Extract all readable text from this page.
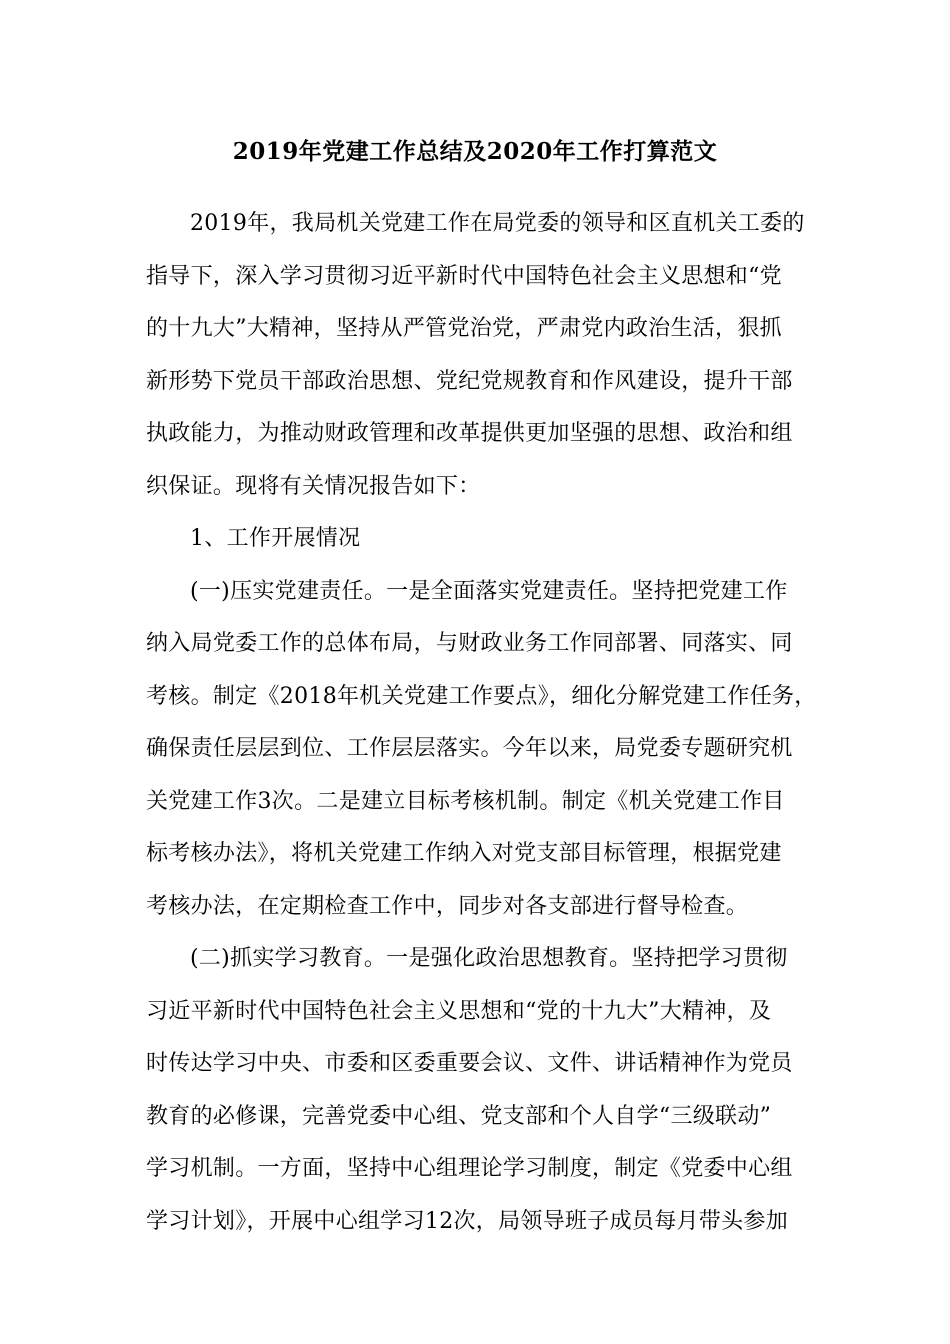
2019年党建工作总结及2020年工作打算范文
2019年，我局机关党建工作在局党委的领导和区直机关工委的
指导下，深入学习贯彻习近平新时代中国特色社会主义思想和“党
的十九大”大精神，坚持从严管党治党，严肃党内政治生活，狠抓
新形势下党员干部政治思想、党纪党规教育和作风建设，提升干部
执政能力，为推动财政管理和改革提供更加坚强的思想、政治和组
织保证。现将有关情况报告如下：
1、工作开展情况
(一)压实党建责任。一是全面落实党建责任。坚持把党建工作
纳入局党委工作的总体布局，与财政业务工作同部署、同落实、同
考核。制定《2018年机关党建工作要点》，细化分解党建工作任务，
确保责任层层到位、工作层层落实。今年以来，局党委专题研究机
关党建工作3次。二是建立目标考核机制。制定《机关党建工作目
标考核办法》，将机关党建工作纳入对党支部目标管理，根据党建
考核办法，在定期检查工作中，同步对各支部进行督导检查。
(二)抓实学习教育。一是强化政治思想教育。坚持把学习贯彻
习近平新时代中国特色社会主义思想和“党的十九大”大精神，及
时传达学习中央、市委和区委重要会议、文件、讲话精神作为党员
教育的必修课，完善党委中心组、党支部和个人自学“三级联动”
学习机制。一方面，坚持中心组理论学习制度，制定《党委中心组
学习计划》，开展中心组学习12次，局领导班子成员每月带头参加
